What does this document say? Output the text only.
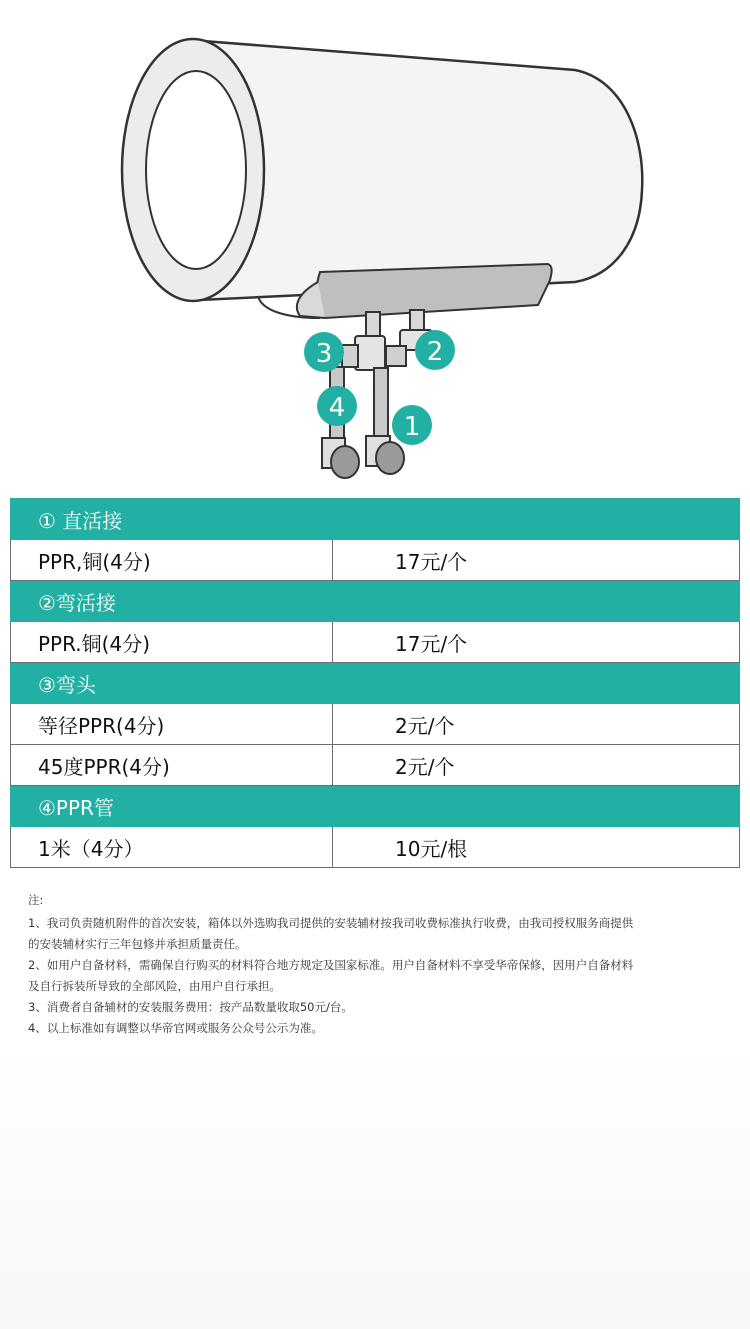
1
2
3
4
① 直活接	
PPR,铜(4分)	17元/个
②弯活接	
PPR.铜(4分)	17元/个
③弯头	
等径PPR(4分)	2元/个
45度PPR(4分)	2元/个
④PPR管	
1米（4分）	10元/根

注:

1、我司负责随机附件的首次安装，箱体以外选购我司提供的安装辅材按我司收费标准执行收费，由我司授权服务商提供

的安装辅材实行三年包修并承担质量责任。

2、如用户自备材料，需确保自行购买的材料符合地方规定及国家标准。用户自备材料不享受华帝保修，因用户自备材料

及自行拆装所导致的全部风险，由用户自行承担。

3、消费者自备辅材的安装服务费用：按产品数量收取50元/台。

4、以上标准如有调整以华帝官网或服务公众号公示为准。
